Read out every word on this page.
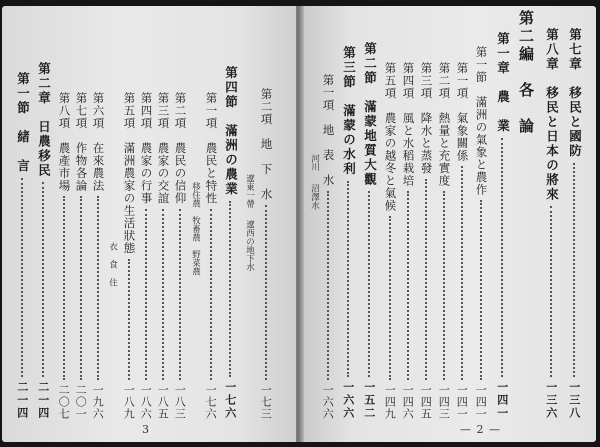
第七章　移民と國防
一三八
第八章　移民と日本の將來
一三六
第二編　各　論
第一章　農　業
一四一
第一節　滿洲の氣象と農作
一四一
第一項　氣象關係
一四一
第二項　熱量と充實度
一四三
第三項　降水と蒸發
一四五
第四項　風と水稻栽培
一四六
第五項　農家の越冬と氣候
一四九
第二節　滿蒙地質大觀
一五二
第三節　滿蒙の水利
一六六
第一項　地　表　水
一六六
河川
沼澤水
— 2 —
第二項　地　下　水
一七三
遼東一帶
遼西の地下水
第四節　滿洲の農業
一七六
第一項　農民と特性
一七六
移住農
牧畜農
野菜農
第二項　農民の信仰
一八三
第三項　農家の交誼
一八五
第四項　農家の行事
一八六
第五項　滿洲農家の生活狀態
一八九
衣
食
住
第六項　在來農法
一九六
第七項　作物各論
二〇一
第八項　農產市場
二〇七
第二章　日農移民
二一四
第一節　緒　言
二一四
3
